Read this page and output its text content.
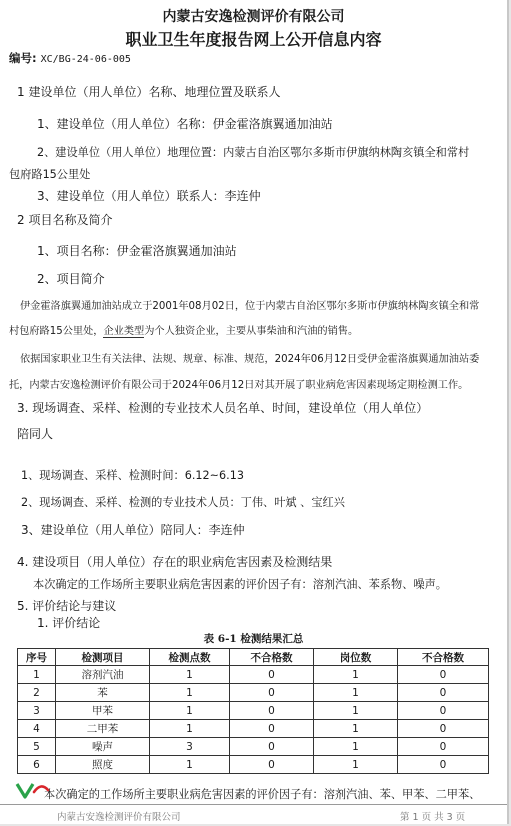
内蒙古安逸检测评价有限公司
职业卫生年度报告网上公开信息内容
编号: XC/BG-24-06-005
1 建设单位（用人单位）名称、地理位置及联系人
1、建设单位（用人单位）名称：伊金霍洛旗翼通加油站
2、建设单位（用人单位）地理位置：内蒙古自治区鄂尔多斯市伊旗纳林陶亥镇全和常村
包府路15公里处
3、建设单位（用人单位）联系人：李连仲
2 项目名称及简介
1、项目名称：伊金霍洛旗翼通加油站
2、项目简介
伊金霍洛旗翼通加油站成立于2001年08月02日，位于内蒙古自治区鄂尔多斯市伊旗纳林陶亥镇全和常
村包府路15公里处，企业类型为个人独资企业，主要从事柴油和汽油的销售。
依据国家职业卫生有关法律、法规、规章、标准、规范，2024年06月12日受伊金霍洛旗翼通加油站委
托，内蒙古安逸检测评价有限公司于2024年06月12日对其开展了职业病危害因素现场定期检测工作。
3. 现场调查、采样、检测的专业技术人员名单、时间，建设单位（用人单位）
陪同人
1、现场调查、采样、检测时间：6.12~6.13
2、现场调查、采样、检测的专业技术人员：丁伟、叶斌 、宝红兴
3、建设单位（用人单位）陪同人：李连仲
4. 建设项目（用人单位）存在的职业病危害因素及检测结果
本次确定的工作场所主要职业病危害因素的评价因子有：溶剂汽油、苯系物、噪声。
5. 评价结论与建议
1. 评价结论
表 6-1 检测结果汇总
序号	检测项目	检测点数	不合格数	岗位数	不合格数
1	溶剂汽油	1	0	1	0
2	苯	1	0	1	0
3	甲苯	1	0	1	0
4	二甲苯	1	0	1	0
5	噪声	3	0	1	0
6	照度	1	0	1	0
本次确定的工作场所主要职业病危害因素的评价因子有：溶剂汽油、苯、甲苯、二甲苯、
内蒙古安逸检测评价有限公司	第 1 页 共 3 页
